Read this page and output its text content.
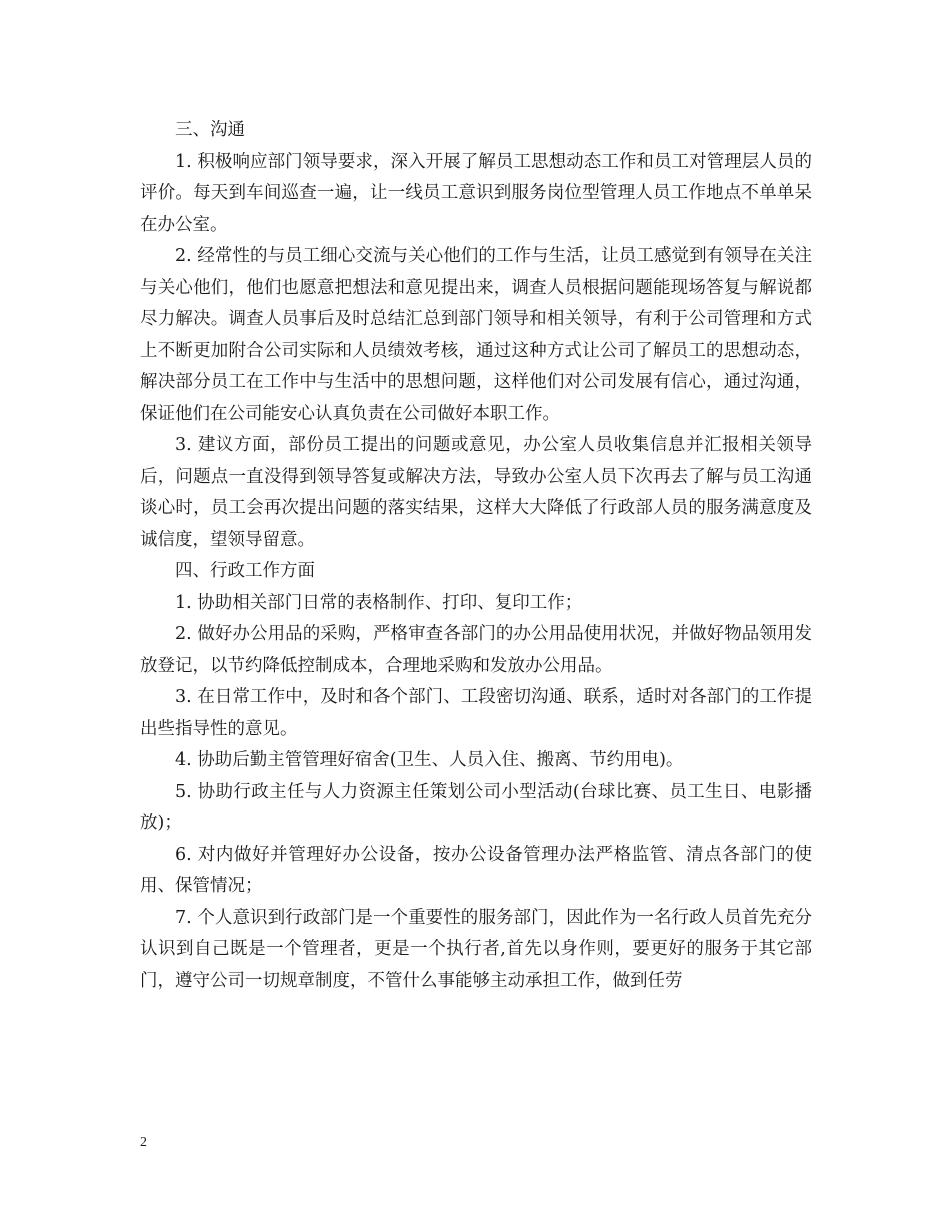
三、沟通

1. 积极响应部门领导要求，深入开展了解员工思想动态工作和员工对管理层人员的评价。每天到车间巡查一遍，让一线员工意识到服务岗位型管理人员工作地点不单单呆在办公室。

2. 经常性的与员工细心交流与关心他们的工作与生活，让员工感觉到有领导在关注与关心他们，他们也愿意把想法和意见提出来，调查人员根据问题能现场答复与解说都尽力解决。调查人员事后及时总结汇总到部门领导和相关领导，有利于公司管理和方式上不断更加附合公司实际和人员绩效考核，通过这种方式让公司了解员工的思想动态，解决部分员工在工作中与生活中的思想问题，这样他们对公司发展有信心，通过沟通，保证他们在公司能安心认真负责在公司做好本职工作。

3. 建议方面，部份员工提出的问题或意见，办公室人员收集信息并汇报相关领导后，问题点一直没得到领导答复或解决方法，导致办公室人员下次再去了解与员工沟通谈心时，员工会再次提出问题的落实结果，这样大大降低了行政部人员的服务满意度及诚信度，望领导留意。

四、行政工作方面

1. 协助相关部门日常的表格制作、打印、复印工作；

2. 做好办公用品的采购，严格审查各部门的办公用品使用状况，并做好物品领用发放登记，以节约降低控制成本，合理地采购和发放办公用品。

3. 在日常工作中，及时和各个部门、工段密切沟通、联系，适时对各部门的工作提出些指导性的意见。

4. 协助后勤主管管理好宿舍(卫生、人员入住、搬离、节约用电)。

5. 协助行政主任与人力资源主任策划公司小型活动(台球比赛、员工生日、电影播放)；

6. 对内做好并管理好办公设备，按办公设备管理办法严格监管、清点各部门的使用、保管情况；

7. 个人意识到行政部门是一个重要性的服务部门，因此作为一名行政人员首先充分认识到自己既是一个管理者，更是一个执行者,首先以身作则，要更好的服务于其它部门，遵守公司一切规章制度，不管什么事能够主动承担工作，做到任劳

2
